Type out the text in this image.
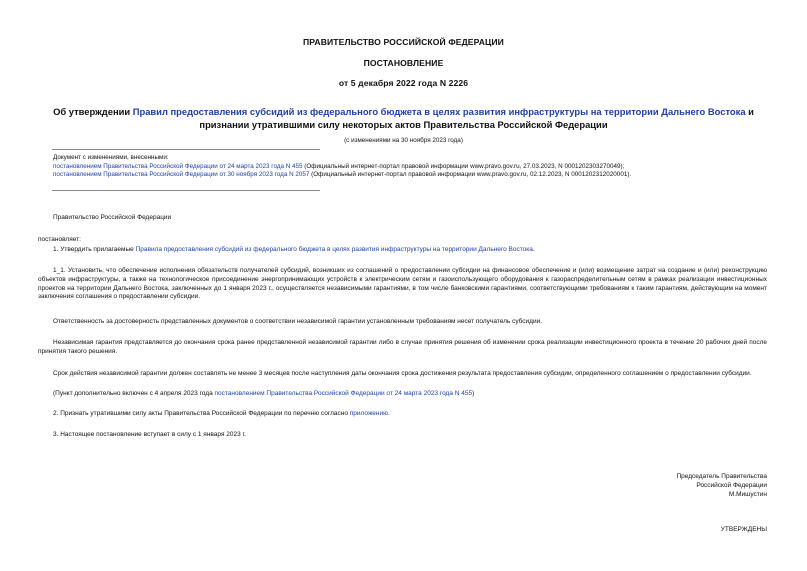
ПРАВИТЕЛЬСТВО РОССИЙСКОЙ ФЕДЕРАЦИИ
ПОСТАНОВЛЕНИЕ
от 5 декабря 2022 года N 2226
Об утверждении Правил предоставления субсидий из федерального бюджета в целях развития инфраструктуры на территории Дальнего Востока и признании утратившими силу некоторых актов Правительства Российской Федерации
(с изменениями на 30 ноября 2023 года)
Документ с изменениями, внесенными:
постановлением Правительства Российской Федерации от 24 марта 2023 года N 455 (Официальный интернет-портал правовой информации www.pravo.gov.ru, 27.03.2023, N 0001202303270049);
постановлением Правительства Российской Федерации от 30 ноября 2023 года N 2057 (Официальный интернет-портал правовой информации www.pravo.gov.ru, 02.12.2023, N 0001202312020001).
Правительство Российской Федерации
постановляет:
1. Утвердить прилагаемые Правила предоставления субсидий из федерального бюджета в целях развития инфраструктуры на территории Дальнего Востока.
1_1. Установить, что обеспечение исполнения обязательств получателей субсидий, возникших из соглашений о предоставлении субсидии на финансовое обеспечение и (или) возмещение затрат на создание и (или) реконструкцию объектов инфраструктуры, а также на технологическое присоединение энергопринимающих устройств к электрическим сетям и газоиспользующего оборудования к газораспределительным сетям в рамках реализации инвестиционных проектов на территории Дальнего Востока, заключенных до 1 января 2023 г., осуществляется независимыми гарантиями, в том числе банковскими гарантиями, соответствующими требованиям к таким гарантиям, действующим на момент заключения соглашения о предоставлении субсидии.
Ответственность за достоверность представленных документов о соответствии независимой гарантии установленным требованиям несет получатель субсидии.
Независимая гарантия представляется до окончания срока ранее представленной независимой гарантии либо в случае принятия решения об изменении срока реализации инвестиционного проекта в течение 20 рабочих дней после принятия такого решения.
Срок действия независимой гарантии должен составлять не менее 3 месяцев после наступления даты окончания срока достижения результата предоставления субсидии, определенного соглашением о предоставлении субсидии.
(Пункт дополнительно включен с 4 апреля 2023 года постановлением Правительства Российской Федерации от 24 марта 2023 года N 455)
2. Признать утратившими силу акты Правительства Российской Федерации по перечню согласно приложению.
3. Настоящее постановление вступает в силу с 1 января 2023 г.
Председатель Правительства
Российской Федерации
М.Мишустин
УТВЕРЖДЕНЫ
